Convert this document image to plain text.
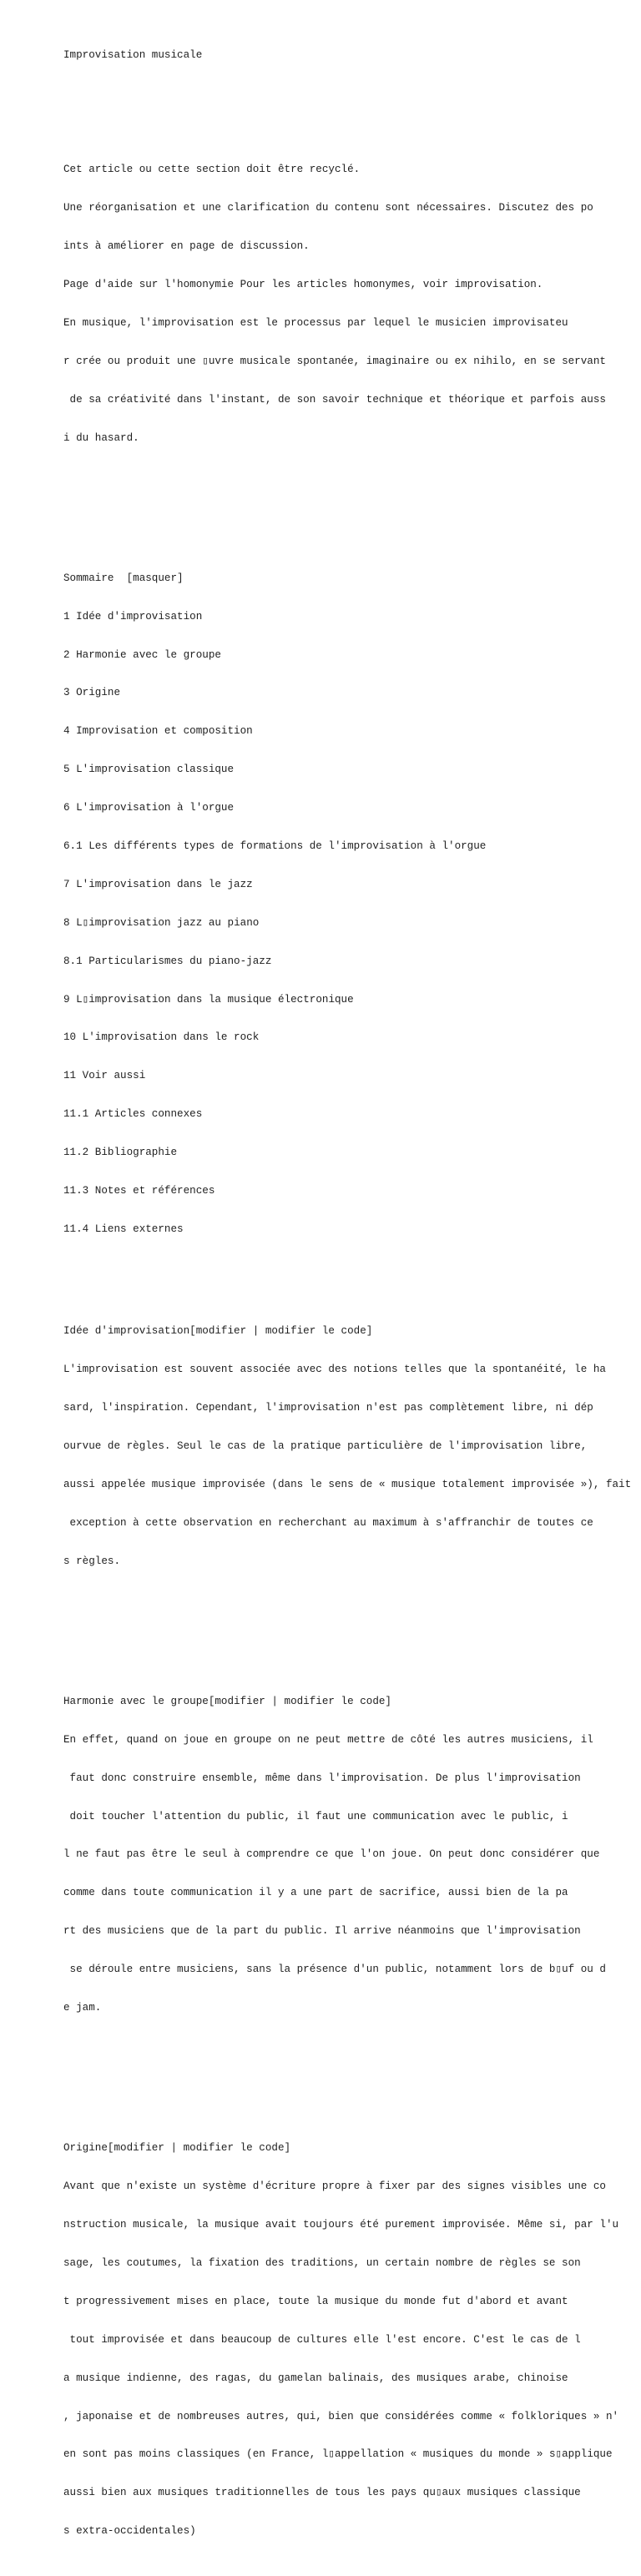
Improvisation musicale

Cet article ou cette section doit être recyclé.

Une réorganisation et une clarification du contenu sont nécessaires. Discutez des po

ints à améliorer en page de discussion.

Page d'aide sur l'homonymie Pour les articles homonymes, voir improvisation.

En musique, l'improvisation est le processus par lequel le musicien improvisateu

r crée ou produit une ▯uvre musicale spontanée, imaginaire ou ex nihilo, en se servant

de sa créativité dans l'instant, de son savoir technique et théorique et parfois auss

i du hasard.

Sommaire  [masquer]

1 Idée d'improvisation

2 Harmonie avec le groupe

3 Origine

4 Improvisation et composition

5 L'improvisation classique

6 L'improvisation à l'orgue

6.1 Les différents types de formations de l'improvisation à l'orgue

7 L'improvisation dans le jazz

8 L▯improvisation jazz au piano

8.1 Particularismes du piano-jazz

9 L▯improvisation dans la musique électronique

10 L'improvisation dans le rock

11 Voir aussi

11.1 Articles connexes

11.2 Bibliographie

11.3 Notes et références

11.4 Liens externes

Idée d'improvisation[modifier | modifier le code]

L'improvisation est souvent associée avec des notions telles que la spontanéité, le ha

sard, l'inspiration. Cependant, l'improvisation n'est pas complètement libre, ni dép

ourvue de règles. Seul le cas de la pratique particulière de l'improvisation libre,

aussi appelée musique improvisée (dans le sens de « musique totalement improvisée »), fait

exception à cette observation en recherchant au maximum à s'affranchir de toutes ce

s règles.

Harmonie avec le groupe[modifier | modifier le code]

En effet, quand on joue en groupe on ne peut mettre de côté les autres musiciens, il

faut donc construire ensemble, même dans l'improvisation. De plus l'improvisation

doit toucher l'attention du public, il faut une communication avec le public, i

l ne faut pas être le seul à comprendre ce que l'on joue. On peut donc considérer que

comme dans toute communication il y a une part de sacrifice, aussi bien de la pa

rt des musiciens que de la part du public. Il arrive néanmoins que l'improvisation

se déroule entre musiciens, sans la présence d'un public, notamment lors de b▯uf ou d

e jam.

Origine[modifier | modifier le code]

Avant que n'existe un système d'écriture propre à fixer par des signes visibles une co

nstruction musicale, la musique avait toujours été purement improvisée. Même si, par l'u

sage, les coutumes, la fixation des traditions, un certain nombre de règles se son

t progressivement mises en place, toute la musique du monde fut d'abord et avant

tout improvisée et dans beaucoup de cultures elle l'est encore. C'est le cas de l

a musique indienne, des ragas, du gamelan balinais, des musiques arabe, chinoise

, japonaise et de nombreuses autres, qui, bien que considérées comme « folkloriques » n'

en sont pas moins classiques (en France, l▯appellation « musiques du monde » s▯applique

aussi bien aux musiques traditionnelles de tous les pays qu▯aux musiques classique

s extra-occidentales)
